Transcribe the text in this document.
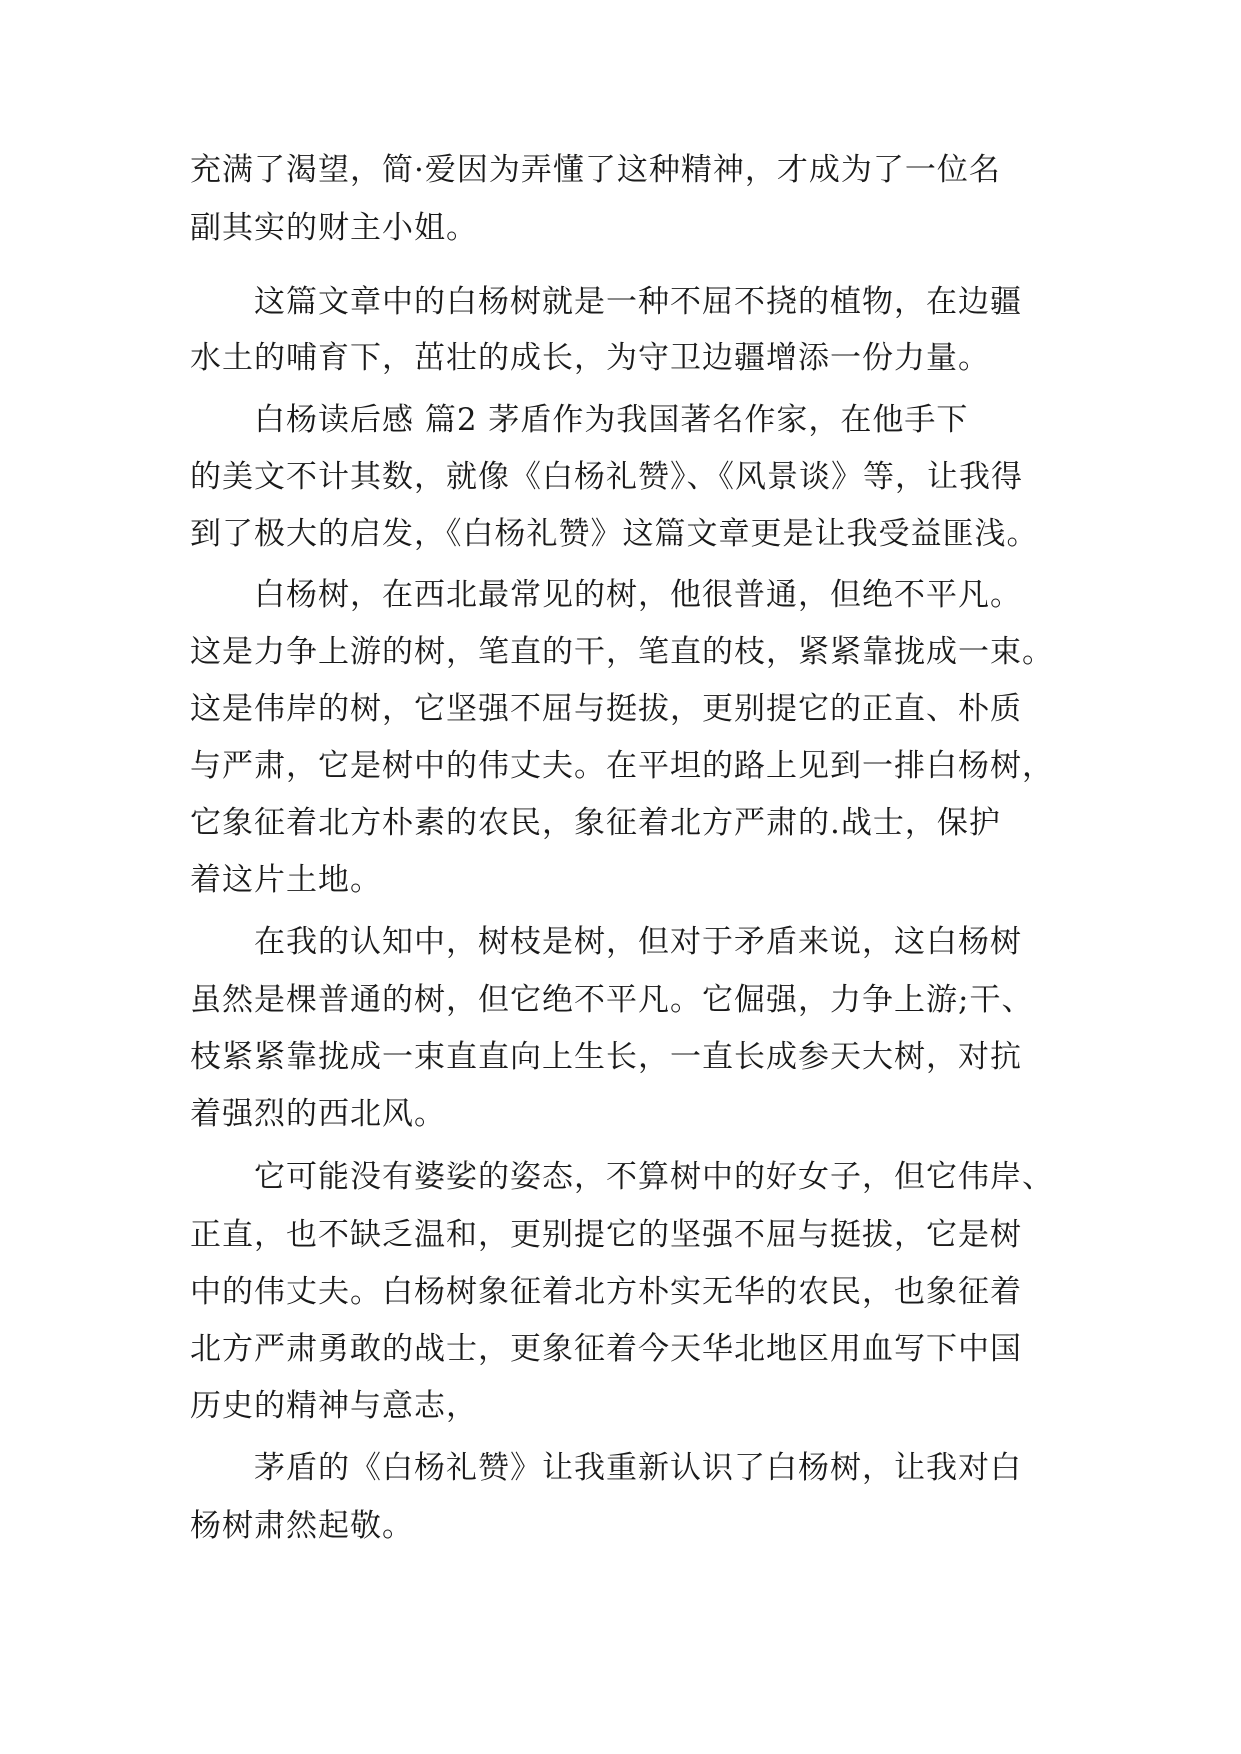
充满了渴望，简·爱因为弄懂了这种精神，才成为了一位名
副其实的财主小姐。
这篇文章中的白杨树就是一种不屈不挠的植物，在边疆
水土的哺育下，茁壮的成长，为守卫边疆增添一份力量。
白杨读后感 篇2 茅盾作为我国著名作家，在他手下
的美文不计其数，就像《白杨礼赞》、《风景谈》等，让我得
到了极大的启发，《白杨礼赞》这篇文章更是让我受益匪浅。
白杨树，在西北最常见的树，他很普通，但绝不平凡。
这是力争上游的树，笔直的干，笔直的枝，紧紧靠拢成一束。
这是伟岸的树，它坚强不屈与挺拔，更别提它的正直、朴质
与严肃，它是树中的伟丈夫。在平坦的路上见到一排白杨树，
它象征着北方朴素的农民，象征着北方严肃的.战士，保护
着这片土地。
在我的认知中，树枝是树，但对于矛盾来说，这白杨树
虽然是棵普通的树，但它绝不平凡。它倔强，力争上游;干、
枝紧紧靠拢成一束直直向上生长，一直长成参天大树，对抗
着强烈的西北风。
它可能没有婆娑的姿态，不算树中的好女子，但它伟岸、
正直，也不缺乏温和，更别提它的坚强不屈与挺拔，它是树
中的伟丈夫。白杨树象征着北方朴实无华的农民，也象征着
北方严肃勇敢的战士，更象征着今天华北地区用血写下中国
历史的精神与意志，
茅盾的《白杨礼赞》让我重新认识了白杨树，让我对白
杨树肃然起敬。
